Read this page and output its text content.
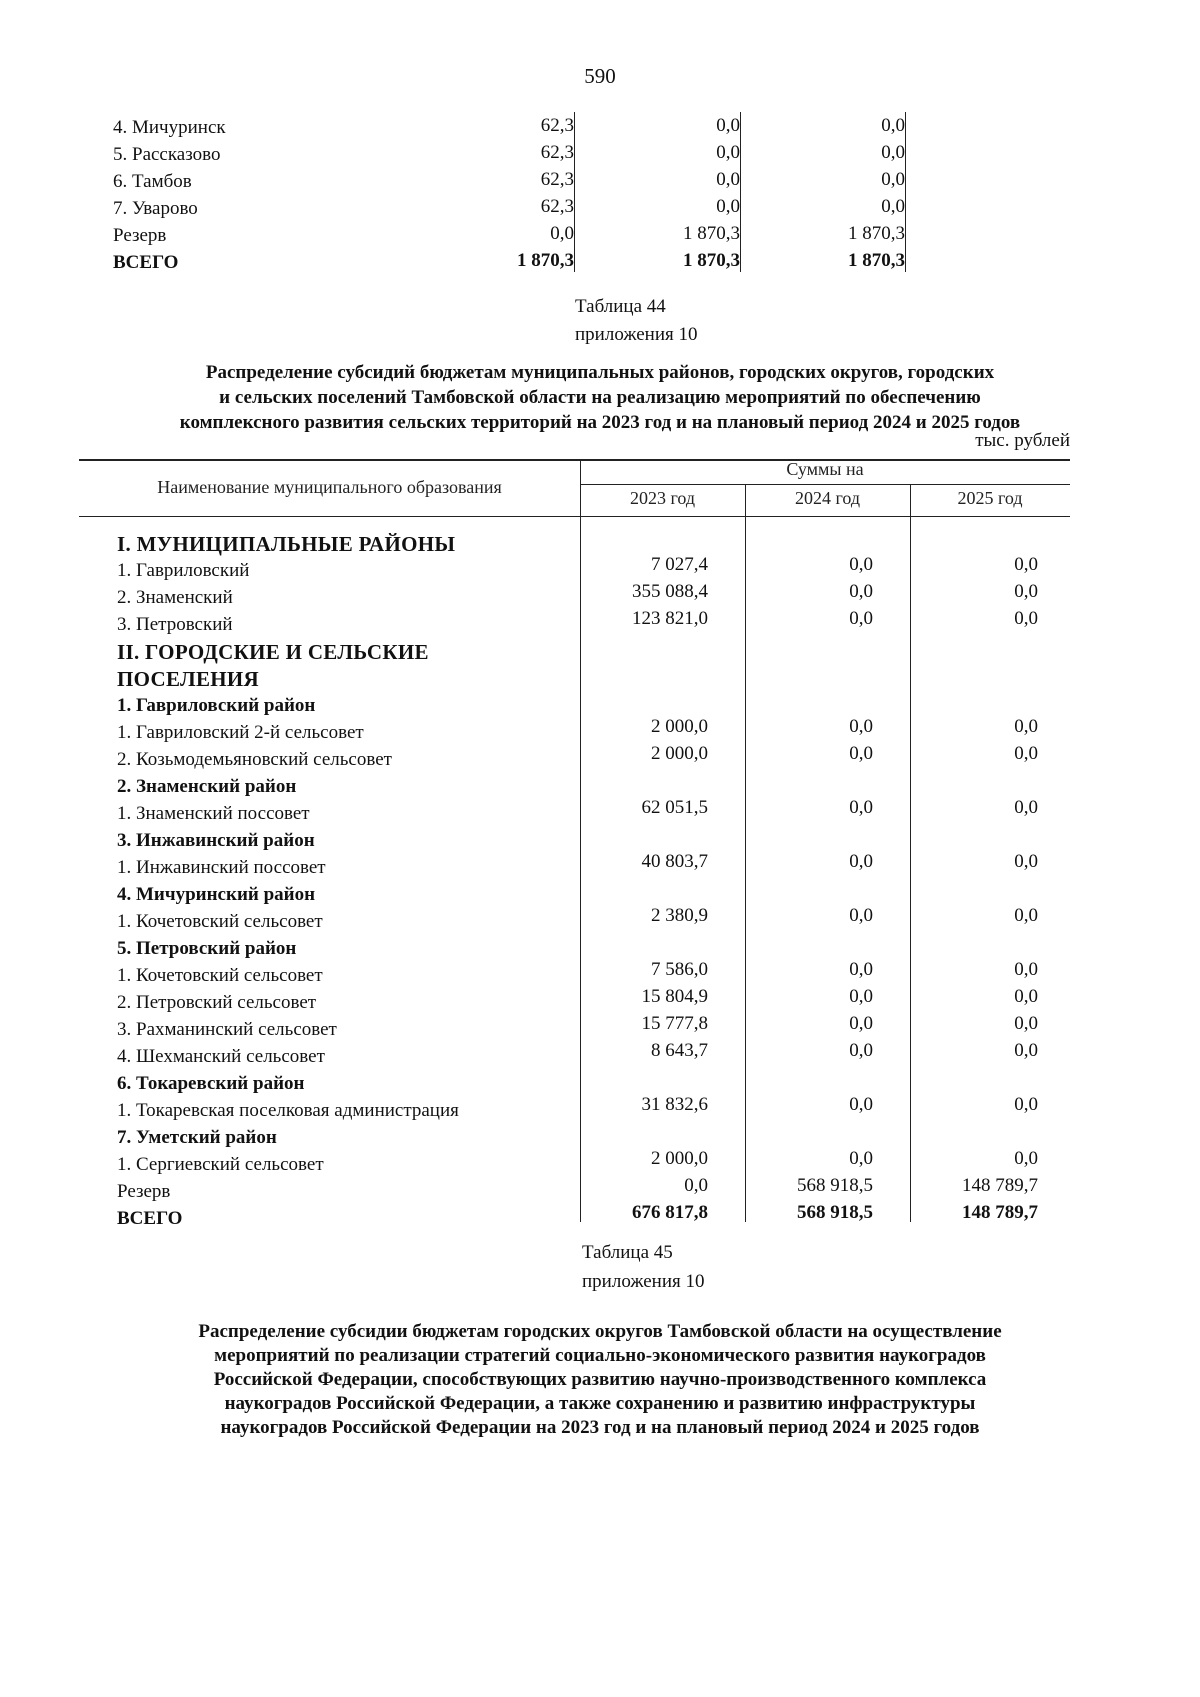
590
4. Мичуринск	62,3	0,0	0,0
5. Рассказово	62,3	0,0	0,0
6. Тамбов	62,3	0,0	0,0
7. Уварово	62,3	0,0	0,0
Резерв	0,0	1 870,3	1 870,3
ВСЕГО	1 870,3	1 870,3	1 870,3
Таблица 44
приложения 10
Распределение субсидий бюджетам муниципальных районов, городских округов, городских
и сельских поселений Тамбовской области на реализацию мероприятий по обеспечению
комплексного развития сельских территорий на 2023 год и на плановый период 2024 и 2025 годов
тыс. рублей
Наименование муниципального образования
Суммы на
2023 год	2024 год	2025 год
I. МУНИЦИПАЛЬНЫЕ РАЙОНЫ
1. Гавриловский	7 027,4	0,0	0,0
2. Знаменский	355 088,4	0,0	0,0
3. Петровский	123 821,0	0,0	0,0
II. ГОРОДСКИЕ И СЕЛЬСКИЕ
ПОСЕЛЕНИЯ
1. Гавриловский район
1. Гавриловский 2-й сельсовет	2 000,0	0,0	0,0
2. Козьмодемьяновский сельсовет	2 000,0	0,0	0,0
2. Знаменский район
1. Знаменский поссовет	62 051,5	0,0	0,0
3. Инжавинский район
1. Инжавинский поссовет	40 803,7	0,0	0,0
4. Мичуринский район
1. Кочетовский сельсовет	2 380,9	0,0	0,0
5. Петровский район
1. Кочетовский сельсовет	7 586,0	0,0	0,0
2. Петровский сельсовет	15 804,9	0,0	0,0
3. Рахманинский сельсовет	15 777,8	0,0	0,0
4. Шехманский сельсовет	8 643,7	0,0	0,0
6. Токаревский район
1. Токаревская поселковая администрация	31 832,6	0,0	0,0
7. Уметский район
1. Сергиевский сельсовет	2 000,0	0,0	0,0
Резерв	0,0	568 918,5	148 789,7
ВСЕГО	676 817,8	568 918,5	148 789,7
Таблица 45
приложения 10
Распределение субсидии бюджетам городских округов Тамбовской области на осуществление
мероприятий по реализации стратегий социально-экономического развития наукоградов
Российской Федерации, способствующих развитию научно-производственного комплекса
наукоградов Российской Федерации, а также сохранению и развитию инфраструктуры
наукоградов Российской Федерации на 2023 год и на плановый период 2024 и 2025 годов
